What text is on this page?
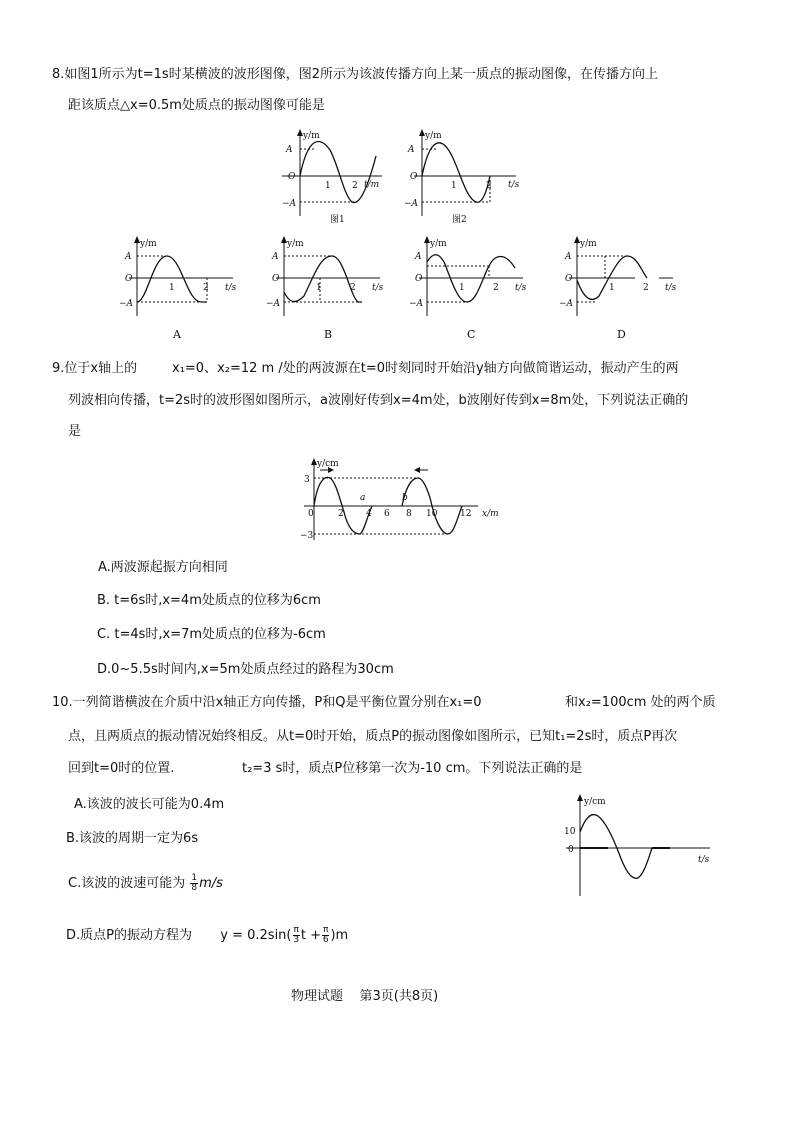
8.如图1所示为t=1s时某横波的波形图像，图2所示为该波传播方向上某一质点的振动图像，在传播方向上
距该质点△x=0.5m处质点的振动图像可能是
y/m
A
O
−A
1 2 t/m
图1
y/m
A
O
−A
1	2 t/s
图2
y/m
A
O
−A
1	2 t/s
A
y/m
A
O
−A
1	2 t/s
B
y/m
A
O
−A
1	2 t/s
C
y/m
A
O
−A
1	2 t/s
D
9.位于x轴上的	x₁=0、x₂=12 m /处的两波源在t=0时刻同时开始沿y轴方向做简谐运动，振动产生的两
列波相向传播，t=2s时的波形图如图所示，a波刚好传到x=4m处，b波刚好传到x=8m处，下列说法正确的
是
y/cm
3
−3
0	2 4 6 8 10	12 x/m
a	b
A.两波源起振方向相同
B. t=6s时,x=4m处质点的位移为6cm
C. t=4s时,x=7m处质点的位移为-6cm
D.0~5.5s时间内,x=5m处质点经过的路程为30cm
10.一列简谐横波在介质中沿x轴正方向传播，P和Q是平衡位置分别在x₁=0	和x₂=100cm 处的两个质
点，且两质点的振动情况始终相反。从t=0时开始，质点P的振动图像如图所示，已知t₁=2s时，质点P再次
回到t=0时的位置.	t₂=3 s时，质点P位移第一次为-10 cm。下列说法正确的是
A.该波的波长可能为0.4m
B.该波的周期一定为6s
C.该波的波速可能为 $\frac{1}{8} m/s$
D.质点P的振动方程为 $y = 0.2\sin( \frac{\pi}{3}$ $t + \frac{\pi}{6} )m$
y/cm
10
0
t/s
物理试题    第3页(共8页)
